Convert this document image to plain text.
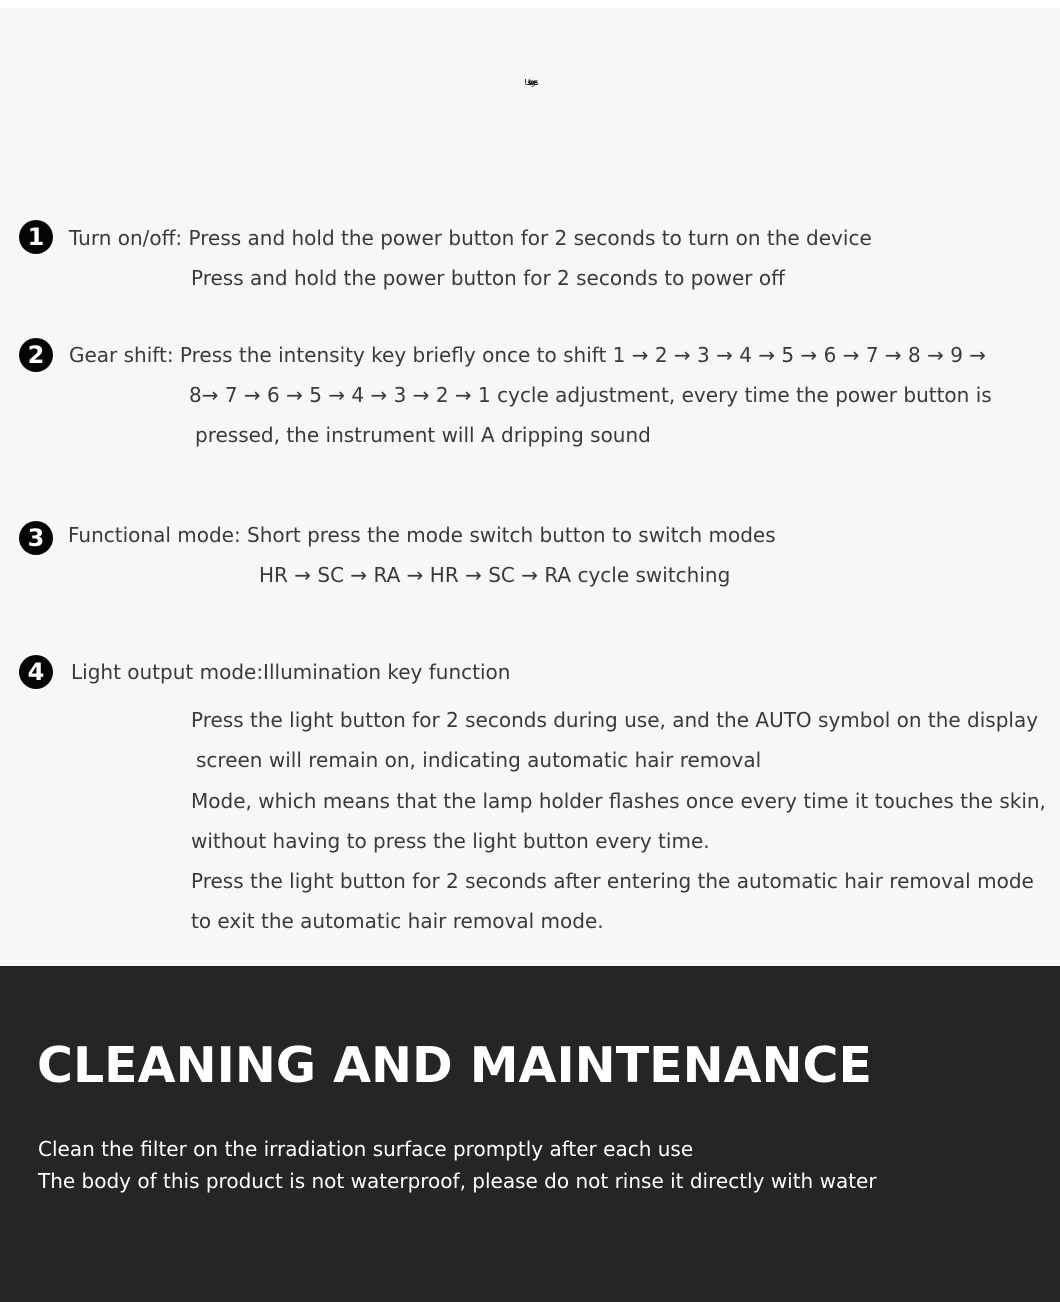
Usages
1	Turn on/off: Press and hold the power button for 2 seconds to turn on the device
Press and hold the power button for 2 seconds to power off
2	Gear shift: Press the intensity key briefly once to shift 1 → 2 → 3 → 4 → 5 → 6 → 7 → 8 → 9 →
8→ 7 → 6 → 5 → 4 → 3 → 2 → 1 cycle adjustment, every time the power button is
pressed, the instrument will A dripping sound
3	Functional mode: Short press the mode switch button to switch modes
HR → SC → RA → HR → SC → RA cycle switching
4	Light output mode:Illumination key function
Press the light button for 2 seconds during use, and the AUTO symbol on the display
screen will remain on, indicating automatic hair removal
Mode, which means that the lamp holder flashes once every time it touches the skin,
without having to press the light button every time.
Press the light button for 2 seconds after entering the automatic hair removal mode
to exit the automatic hair removal mode.
CLEANING AND MAINTENANCE
Clean the filter on the irradiation surface promptly after each use
The body of this product is not waterproof, please do not rinse it directly with water
